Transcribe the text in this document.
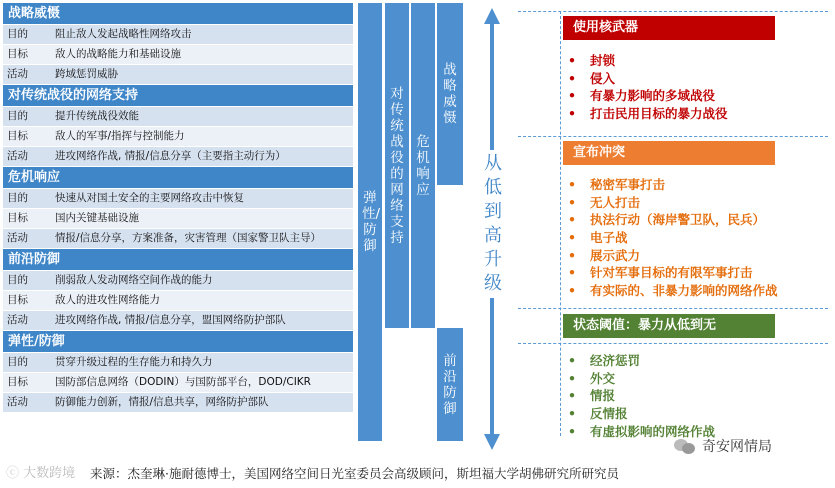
战略威慑
目的	阻止敌人发起战略性网络攻击
目标	敌人的战略能力和基础设施
活动	跨域惩罚威胁
对传统战役的网络支持
目的	提升传统战役效能
目标	敌人的军事/指挥与控制能力
活动	进攻网络作战, 情报/信息分享（主要指主动行为）
危机响应
目的	快速从对国土安全的主要网络攻击中恢复
目标	国内关键基础设施
活动	情报/信息分享，方案准备，灾害管理（国家警卫队主导）
前沿防御
目的	削弱敌人发动网络空间作战的能力
目标	敌人的进攻性网络能力
活动	进攻网络作战, 情报/信息分享，盟国网络防护部队
弹性/防御
目的	贯穿升级过程的生存能力和持久力
目标	国防部信息网络（DODIN）与国防部平台，DOD/CIKR
活动	防御能力创新，情报/信息共享，网络防护部队
弹性/防御
对传统战役的网络支持
危机响应
战略威慑
前沿防御
从低到高升级
使用核武器
• 封锁
• 侵入
• 有暴力影响的多域战役
• 打击民用目标的暴力战役
宣布冲突
• 秘密军事打击
• 无人打击
• 执法行动（海岸警卫队，民兵）
• 电子战
• 展示武力
• 针对军事目标的有限军事打击
• 有实际的、非暴力影响的网络作战
状态阈值：暴力从低到无
• 经济惩罚
• 外交
• 情报
• 反情报
• 有虚拟影响的网络作战
ⓒ 大数跨境 来源：杰奎琳·施耐德博士，美国网络空间日光室委员会高级顾问，斯坦福大学胡佛研究所研究员
奇安网情局
